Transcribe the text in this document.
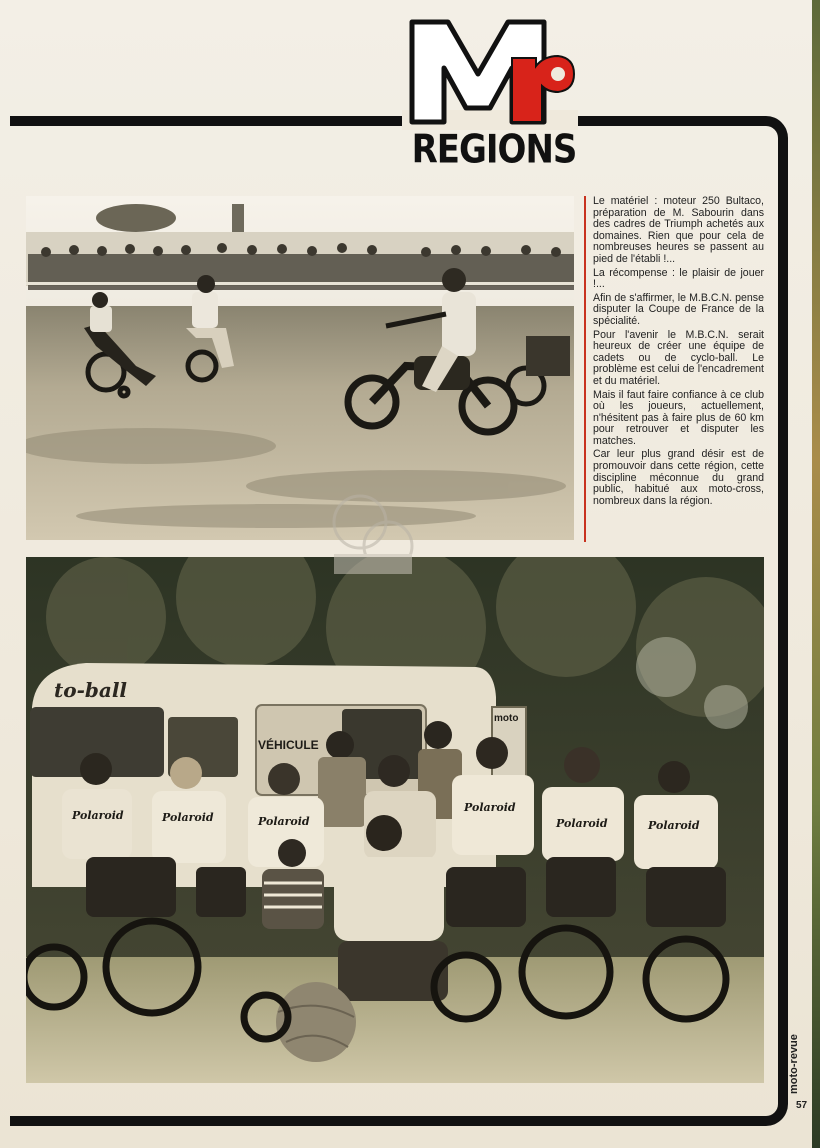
REGIONS

Le matériel : moteur 250 Bultaco, préparation de M. Sabourin dans des cadres de Triumph achetés aux domaines. Rien que pour cela de nombreuses heures se passent au pied de l'établi !...

La récompense : le plaisir de jouer !...

Afin de s'affirmer, le M.B.C.N. pense disputer la Coupe de France de la spécialité.

Pour l'avenir le M.B.C.N. serait heureux de créer une équipe de cadets ou de cyclo-ball. Le problème est celui de l'encadrement et du matériel.

Mais il faut faire confiance à ce club où les joueurs, actuellement, n'hésitent pas à faire plus de 60 km pour retrouver et disputer les matches.

Car leur plus grand désir est de promouvoir dans cette région, cette discipline méconnue du grand public, habitué aux moto-cross, nombreux dans la région.

to-ball
VÉHICULE
moto
Polaroid	Polaroid	Polaroid
Polaroid
Polaroid	Polaroid
moto-revue
57
